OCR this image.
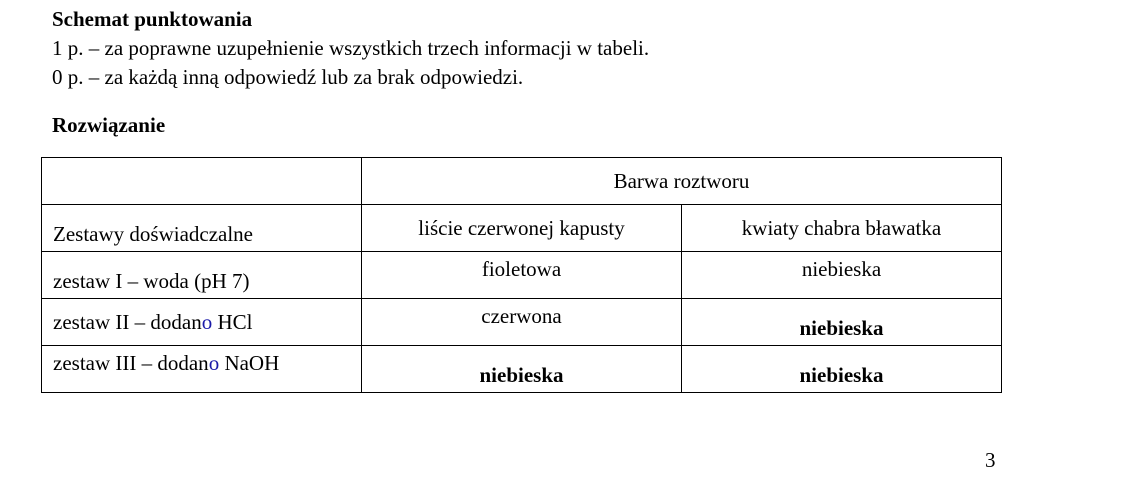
Schemat punktowania
1 p. – za poprawne uzupełnienie wszystkich trzech informacji w tabeli.
0 p. – za każdą inną odpowiedź lub za brak odpowiedzi.
Rozwiązanie
	Barwa roztworu	
Zestawy doświadczalne	liście czerwonej kapusty	kwiaty chabra bławatka
zestaw I – woda (pH 7)	fioletowa	niebieska
zestaw II – dodano HCl	czerwona	niebieska
zestaw III – dodano NaOH	niebieska	niebieska
3
